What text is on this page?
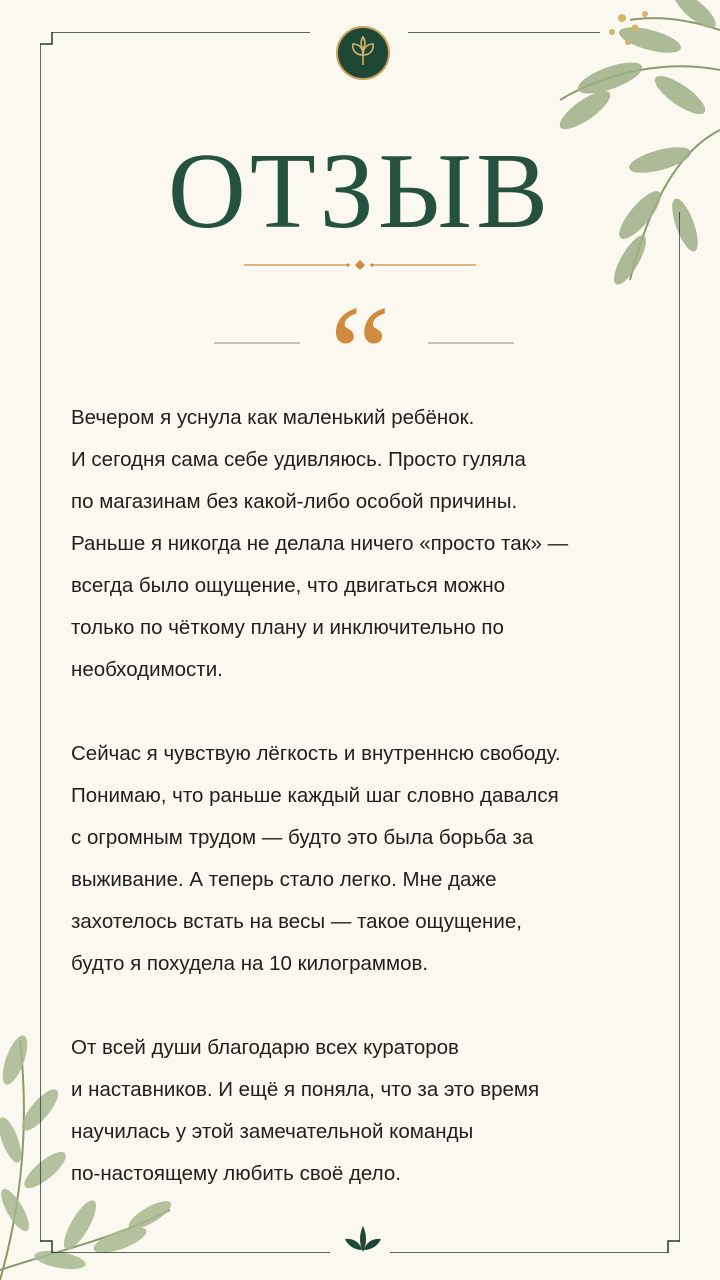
ОТЗЫВ
“
Вечером я уснула как маленький ребёнок.
И сегодня сама себе удивляюсь. Просто гуляла
по магазинам без какой-либо особой причины.
Раньше я никогда не делала ничего «просто так» —
всегда было ощущение, что двигаться можно
только по чёткому плану и инключительно по
необходимости.
Сейчас я чувствую лёгкость и внутреннсю свободу.
Понимаю, что раньше каждый шаг словно давался
с огромным трудом — будто это была борьба за
выживание. А теперь стало легко. Мне даже
захотелось встать на весы — такое ощущение,
будто я похудела на 10 килограммов.
От всей души благодарю всех кураторов
и наставников. И ещё я поняла, что за это время
научилась у этой замечательной команды
по-настоящему любить своё дело.
